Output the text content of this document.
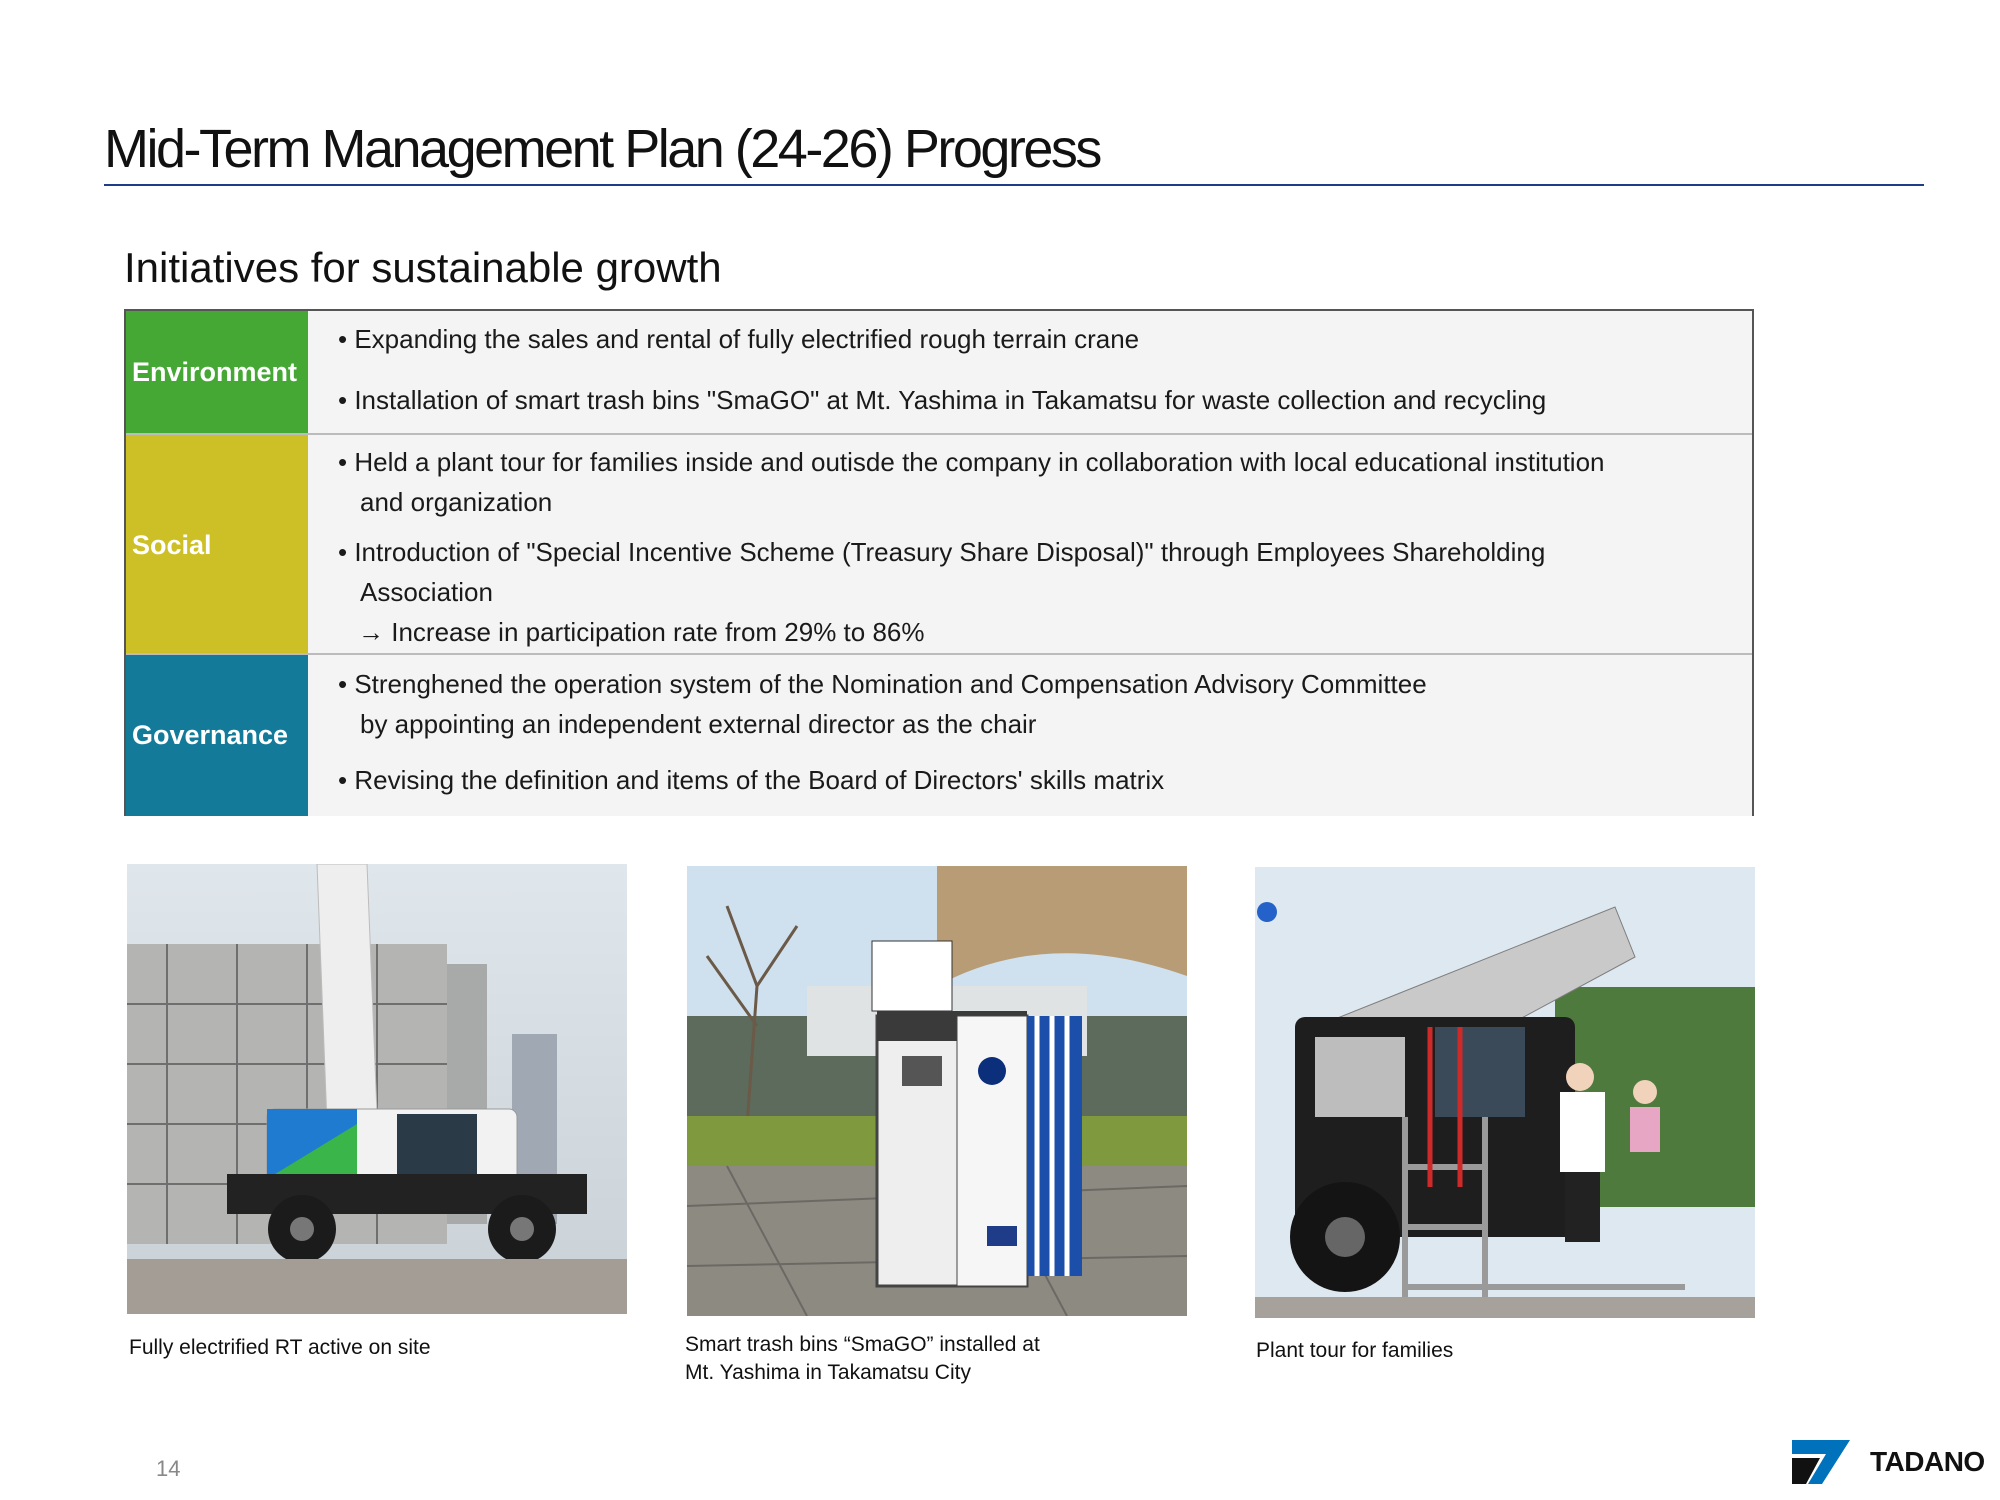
Mid-Term Management Plan (24-26) Progress
Initiatives for sustainable growth
Environment
• Expanding the sales and rental of fully electrified rough terrain crane
• Installation of smart trash bins "SmaGO" at Mt. Yashima in Takamatsu for waste collection and recycling
Social
• Held a plant tour for families inside and outisde the company in collaboration with local educational institution
and organization
• Introduction of "Special Incentive Scheme (Treasury Share Disposal)" through Employees Shareholding
Association
→ Increase in participation rate from 29% to 86%
Governance
• Strenghened the operation system of the Nomination and Compensation Advisory Committee
by appointing an independent external director as the chair
• Revising the definition and items of the Board of Directors' skills matrix
Fully electrified RT active on site	Smart trash bins “SmaGO” installed at
Mt. Yashima in Takamatsu City
Plant tour for families
14	TADANO
